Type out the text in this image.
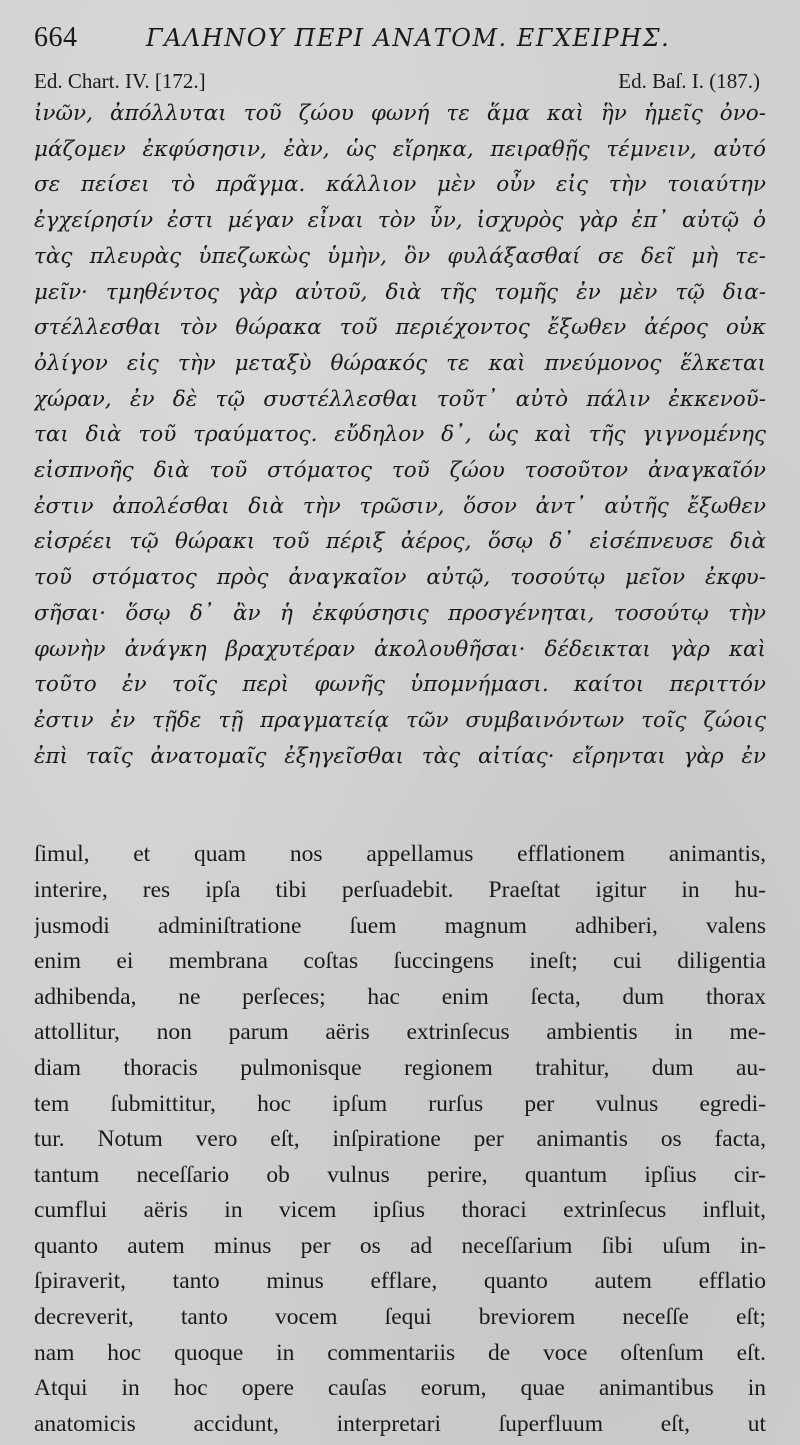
664	ΓΑΛΗΝΟΥ ΠΕΡΙ ΑΝΑΤΟΜ. ΕΓΧΕΙΡΗΣ.
Ed. Chart. IV. [172.]	Ed. Baſ. I. (187.)
ἰνῶν, ἀπόλλυται τοῦ ζώου φωνή τε ἅμα καὶ ἣν ἡμεῖς ὀνο-
μάζομεν ἐκφύσησιν, ἐὰν, ὡς εἴρηκα, πειραθῇς τέμνειν, αὐτό
σε πείσει τὸ πρᾶγμα. κάλλιον μὲν οὖν εἰς τὴν τοιαύτην
ἐγχείρησίν ἐστι μέγαν εἶναι τὸν ὗν, ἰσχυρὸς γὰρ ἐπ᾽ αὐτῷ ὁ
τὰς πλευρὰς ὑπεζωκὼς ὑμὴν, ὃν φυλάξασθαί σε δεῖ μὴ τε-
μεῖν· τμηθέντος γὰρ αὐτοῦ, διὰ τῆς τομῆς ἐν μὲν τῷ δια-
στέλλεσθαι τὸν θώρακα τοῦ περιέχοντος ἔξωθεν ἀέρος οὐκ
ὀλίγον εἰς τὴν μεταξὺ θώρακός τε καὶ πνεύμονος ἕλκεται
χώραν, ἐν δὲ τῷ συστέλλεσθαι τοῦτ᾽ αὐτὸ πάλιν ἐκκενοῦ-
ται διὰ τοῦ τραύματος. εὔδηλον δ᾽, ὡς καὶ τῆς γιγνομένης
εἰσπνοῆς διὰ τοῦ στόματος τοῦ ζώου τοσοῦτον ἀναγκαῖόν
ἐστιν ἀπολέσθαι διὰ τὴν τρῶσιν, ὅσον ἀντ᾽ αὐτῆς ἔξωθεν
εἰσρέει τῷ θώρακι τοῦ πέριξ ἀέρος, ὅσῳ δ᾽ εἰσέπνευσε διὰ
τοῦ στόματος πρὸς ἀναγκαῖον αὐτῷ, τοσούτῳ μεῖον ἐκφυ-
σῆσαι· ὅσῳ δ᾽ ἂν ἡ ἐκφύσησις προσγένηται, τοσούτῳ τὴν
φωνὴν ἀνάγκη βραχυτέραν ἀκολουθῆσαι· δέδεικται γὰρ καὶ
τοῦτο ἐν τοῖς περὶ φωνῆς ὑπομνήμασι. καίτοι περιττόν
ἐστιν ἐν τῇδε τῇ πραγματείᾳ τῶν συμβαινόντων τοῖς ζώοις
ἐπὶ ταῖς ἀνατομαῖς ἐξηγεῖσθαι τὰς αἰτίας· εἴρηνται γὰρ ἐν
ſimul, et quam nos appellamus efflationem animantis,
interire, res ipſa tibi perſuadebit. Praeſtat igitur in hu-
jusmodi adminiſtratione ſuem magnum adhiberi, valens
enim ei membrana coſtas ſuccingens ineſt; cui diligentia
adhibenda, ne perſeces; hac enim ſecta, dum thorax
attollitur, non parum aëris extrinſecus ambientis in me-
diam thoracis pulmonisque regionem trahitur, dum au-
tem ſubmittitur, hoc ipſum rurſus per vulnus egredi-
tur. Notum vero eſt, inſpiratione per animantis os facta,
tantum neceſſario ob vulnus perire, quantum ipſius cir-
cumflui aëris in vicem ipſius thoraci extrinſecus influit,
quanto autem minus per os ad neceſſarium ſibi uſum in-
ſpiraverit, tanto minus efflare, quanto autem efflatio
decreverit, tanto vocem ſequi breviorem neceſſe eſt;
nam hoc quoque in commentariis de voce oſtenſum eſt.
Atqui in hoc opere cauſas eorum, quae animantibus in
anatomicis accidunt, interpretari ſuperfluum eſt, ut
